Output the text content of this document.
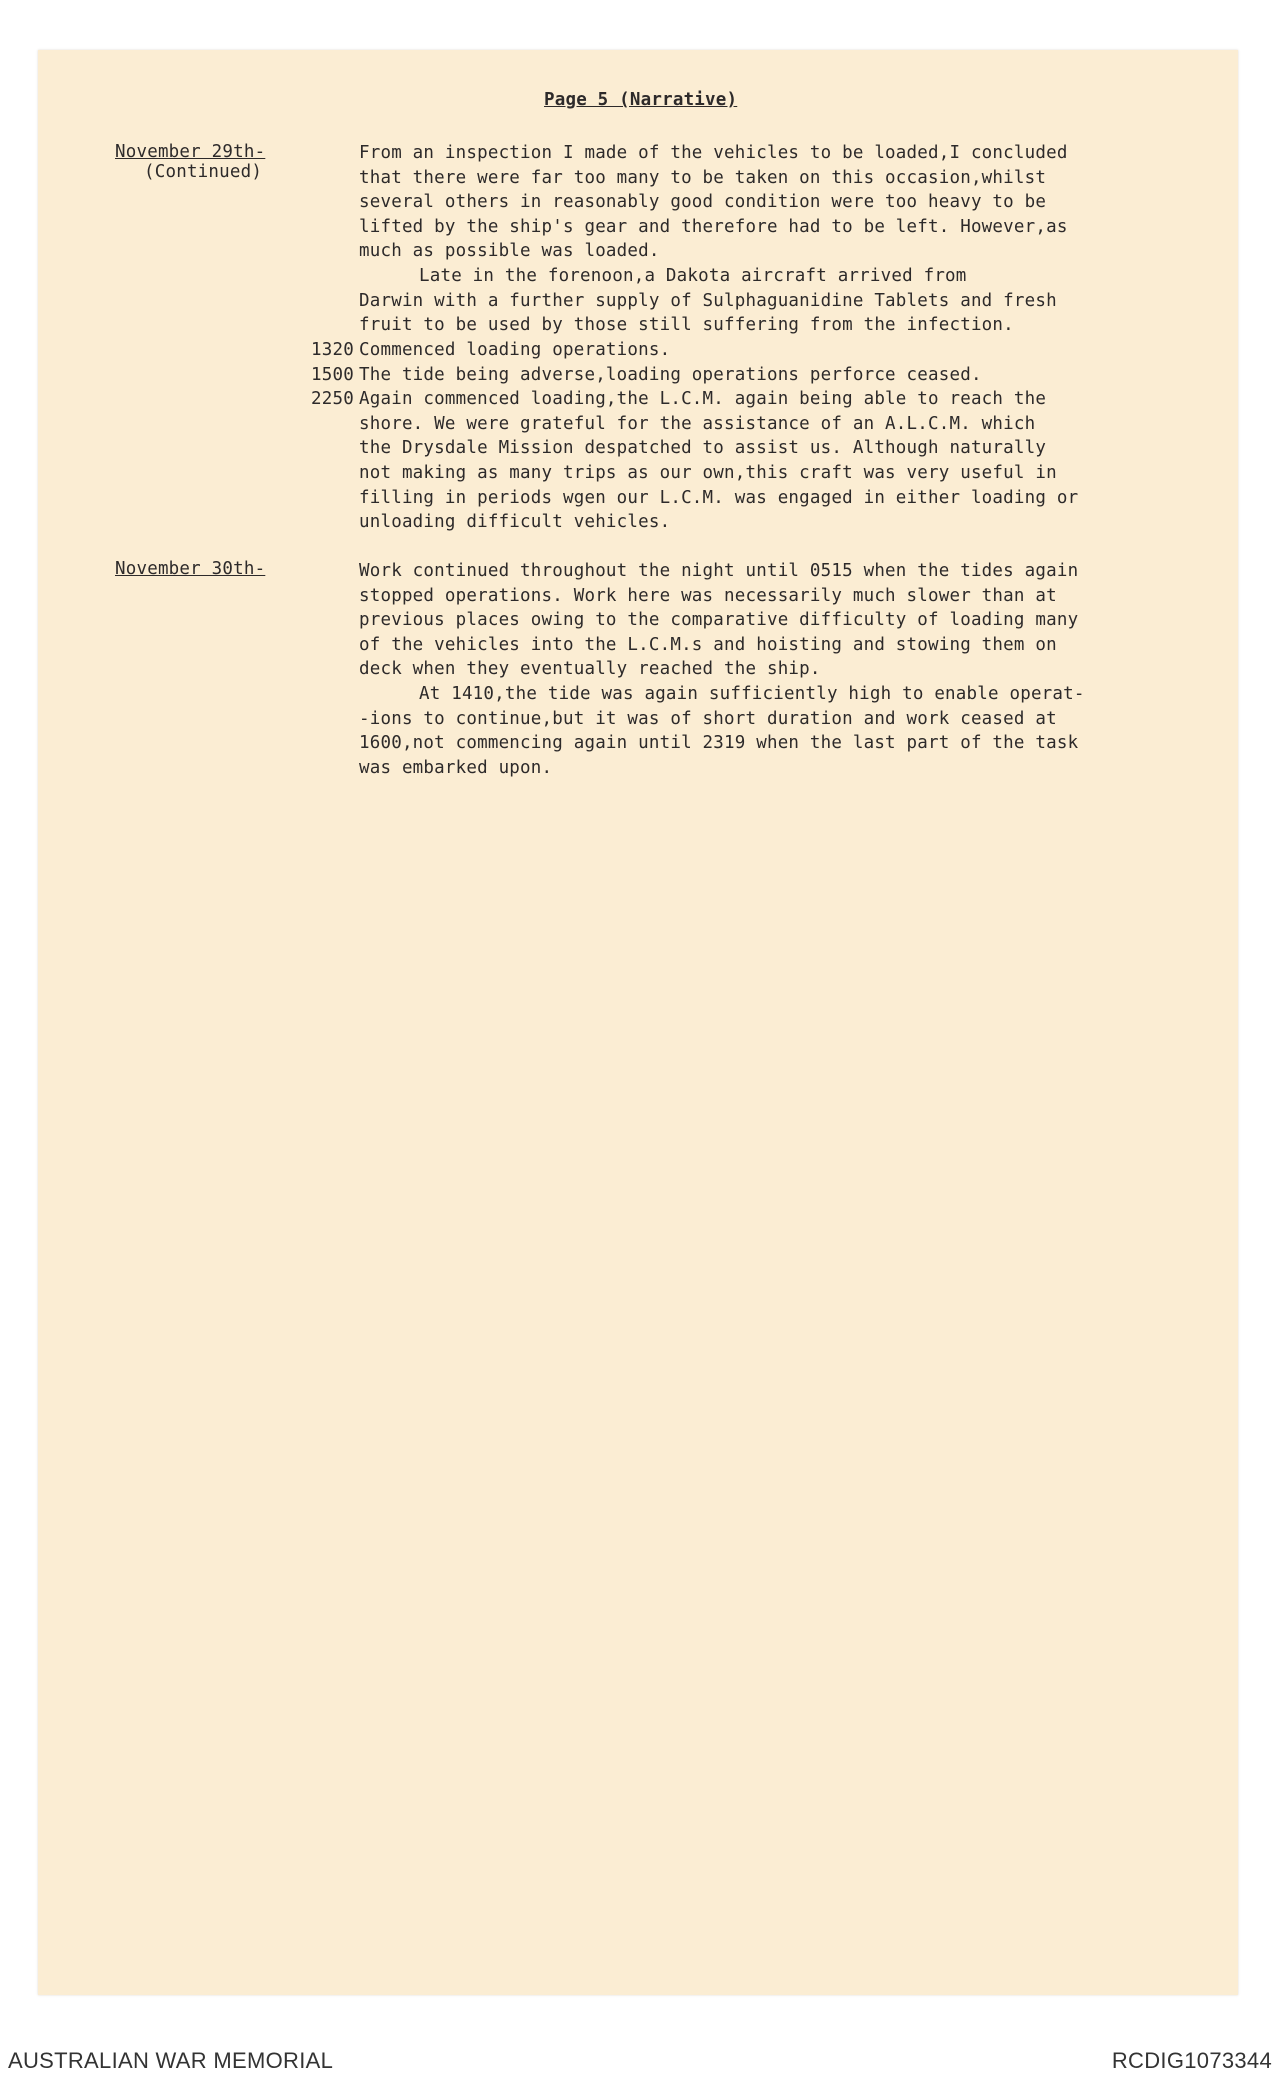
Page 5 (Narrative)
November 29th-
(Continued)
From an inspection I made of the vehicles to be loaded,I concluded
that there were far too many to be taken on this occasion,whilst
several others in reasonably good condition were too heavy to be
lifted by the ship's gear and therefore had to be left. However,as
much as possible was loaded.
Late in the forenoon,a Dakota aircraft arrived from
Darwin with a further supply of Sulphaguanidine Tablets and fresh
fruit to be used by those still suffering from the infection.
1320
1500
2250
Commenced loading operations.
The tide being adverse,loading operations perforce ceased.
Again commenced loading,the L.C.M. again being able to reach the
shore. We were grateful for the assistance of an A.L.C.M. which
the Drysdale Mission despatched to assist us. Although naturally
not making as many trips as our own,this craft was very useful in
filling in periods wgen our L.C.M. was engaged in either loading or
unloading difficult vehicles.
November 30th-	Work continued throughout the night until 0515 when the tides again
stopped operations. Work here was necessarily much slower than at
previous places owing to the comparative difficulty of loading many
of the vehicles into the L.C.M.s and hoisting and stowing them on
deck when they eventually reached the ship.
At 1410,the tide was again sufficiently high to enable operat-
-ions to continue,but it was of short duration and work ceased at
1600,not commencing again until 2319 when the last part of the task
was embarked upon.
AUSTRALIAN WAR MEMORIAL	RCDIG1073344
